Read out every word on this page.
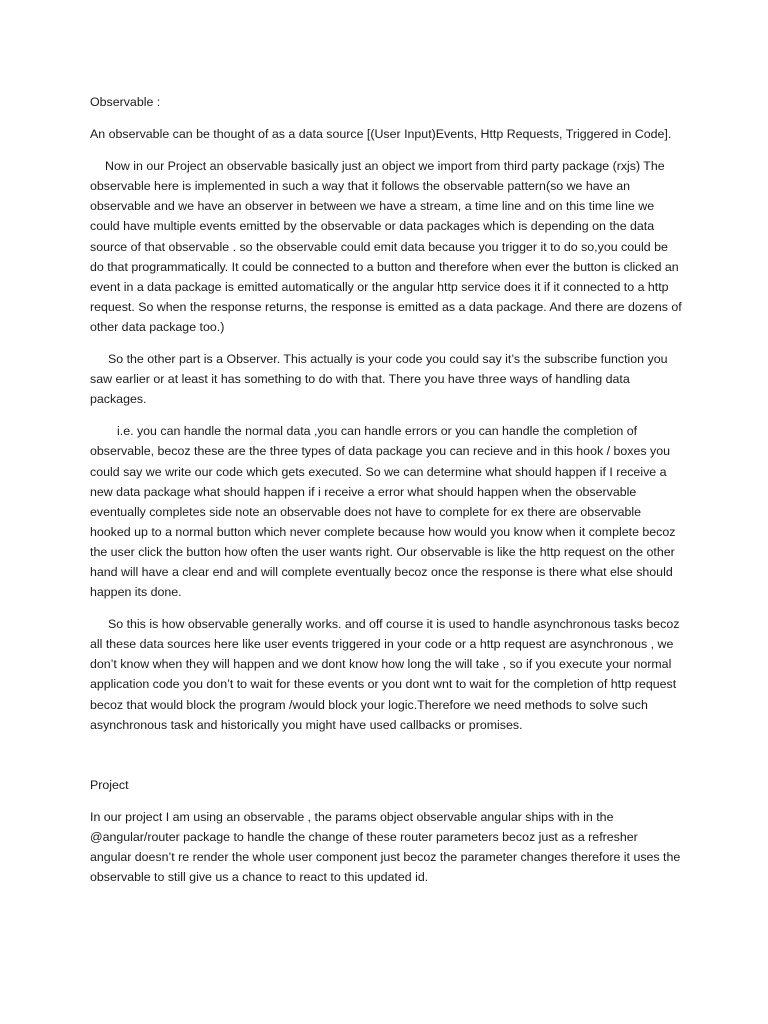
Observable :

An observable can be thought of as a data source [(User Input)Events, Http Requests, Triggered in Code].

Now in our Project an observable basically just an object we import from third party package (rxjs) The observable here is implemented in such a way that it follows the observable pattern(so we have an observable and we have an observer in between we have a stream, a time line and on this time line we could have multiple events emitted by the observable or data packages which is depending on the data source of that observable . so the observable could emit data because you trigger it to do so,you could be do that programmatically. It could be connected to a button and therefore when ever the button is clicked an event in a data package is emitted automatically or the angular http service does it if it connected to a http request. So when the response returns, the response is emitted as a data package. And there are dozens of other data package too.)

So the other part is a Observer. This actually is your code you could say it’s the subscribe function you saw earlier or at least it has something to do with that. There you have three ways of handling data packages.

i.e. you can handle the normal data ,you can handle errors or you can handle the completion of observable, becoz these are the three types of data package you can recieve and in this hook / boxes you could say we write our code which gets executed. So we can determine what should happen if I receive a new data package what should happen if i receive a error what should happen when the observable eventually completes side note an observable does not have to complete for ex there are observable hooked up to a normal button which never complete because how would you know when it complete becoz the user click the button how often the user wants right. Our observable is like the http request on the other hand will have a clear end and will complete eventually becoz once the response is there what else should happen its done.

So this is how observable generally works. and off course it is used to handle asynchronous tasks becoz all these data sources here like user events triggered in your code or a http request are asynchronous , we don’t know when they will happen and we dont know how long the will take , so if you execute your normal application code you don’t to wait for these events or you dont wnt to wait for the completion of http request becoz that would block the program /would block your logic.Therefore we need methods to solve such asynchronous task and historically you might have used callbacks or promises.

Project

In our project I am using an observable , the params object observable angular ships with in the @angular/router package to handle the change of these router parameters becoz just as a refresher angular doesn’t re render the whole user component just becoz the parameter changes therefore it uses the observable to still give us a chance to react to this updated id.
